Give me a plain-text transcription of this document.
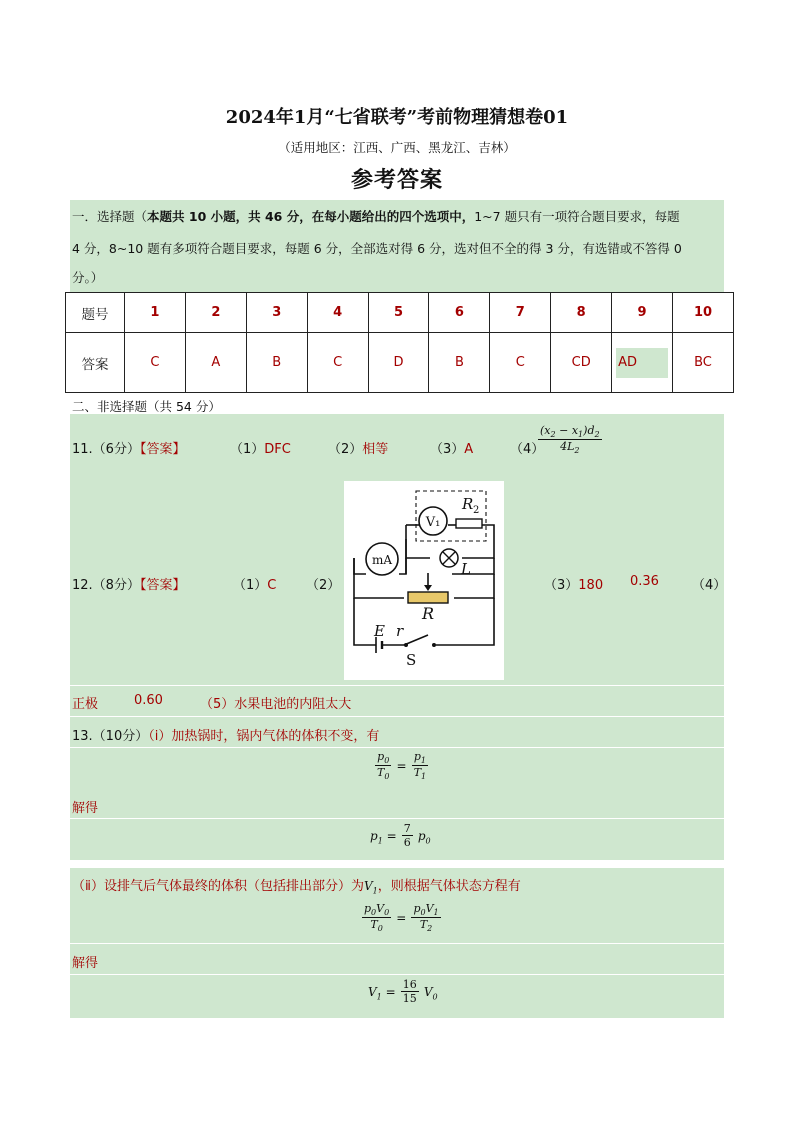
2024年1月“七省联考”考前物理猜想卷01
（适用地区：江西、广西、黑龙江、吉林）
参考答案
一．选择题（本题共 10 小题，共 46 分，在每小题给出的四个选项中，1~7 题只有一项符合题目要求，每题
4 分，8~10 题有多项符合题目要求，每题 6 分，全部选对得 6 分，选对但不全的得 3 分，有选错或不答得 0
分。）
题号	1	2	3	4	5	6	7	8	9	10
答案	C	A	B	C	D	B	C	CD	AD	BC
二、非选择题（共 54 分）
11.（6分）【答案】	（1）DFC	（2）相等	（3）A	（4）
$\frac{(x_2 - x_1)d_2}{4L_2}$
12.（8分）【答案】	（1）C （2）
V₁
R 2
mA	L
R
E r
S
（3）180 0.36	（4）
正极	0.60	（5）水果电池的内阻太大
13.（10分）（ⅰ）加热锅时，锅内气体的体积不变，有
$\frac{p_0}{T_0} = \frac{p_1}{T_1}$
解得
$p_1 = \frac{7}{6} p_0$
（ⅱ）设排气后气体最终的体积（包括排出部分）为$V_1$，则根据气体状态方程有
$\frac{p_0V_0}{T_0} = \frac{p_0V_1}{T_2}$
解得
$V_1 = \frac{16}{15} V_0$
